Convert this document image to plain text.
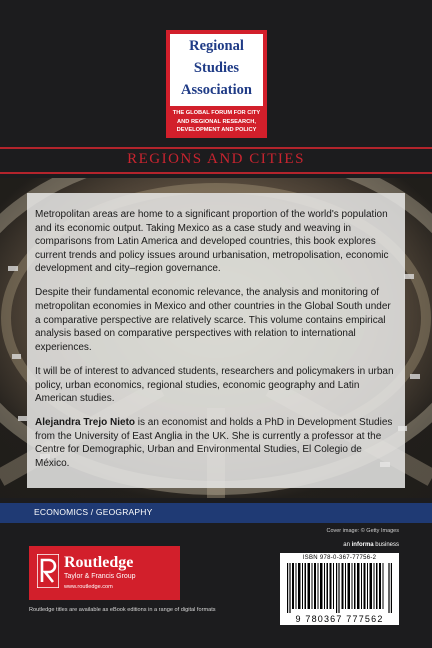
Regional
Studies
Association
THE GLOBAL FORUM FOR CITY
AND REGIONAL RESEARCH,
DEVELOPMENT AND POLICY
REGIONS AND CITIES

Metropolitan areas are home to a significant proportion of the world's population and its economic output. Taking Mexico as a case study and weaving in comparisons from Latin America and developed countries, this book explores current trends and policy issues around urbanisation, metropolisation, economic development and city–region governance.

Despite their fundamental economic relevance, the analysis and monitoring of metropolitan economies in Mexico and other countries in the Global South under a comparative perspective are relatively scarce. This volume contains empirical analysis based on comparative perspectives with relation to international experiences.

It will be of interest to advanced students, researchers and policymakers in urban policy, urban economics, regional studies, economic geography and Latin American studies.

Alejandra Trejo Nieto is an economist and holds a PhD in Development Studies from the University of East Anglia in the UK. She is currently a professor at the Centre for Demographic, Urban and Environmental Studies, El Colegio de México.

ECONOMICS / GEOGRAPHY
Cover image: © Getty Images
an informa business
Routledge
Taylor & Francis Group
www.routledge.com
Routledge titles are available as eBook editions in a range of digital formats
ISBN 978-0-367-77756-2
9 780367 777562
